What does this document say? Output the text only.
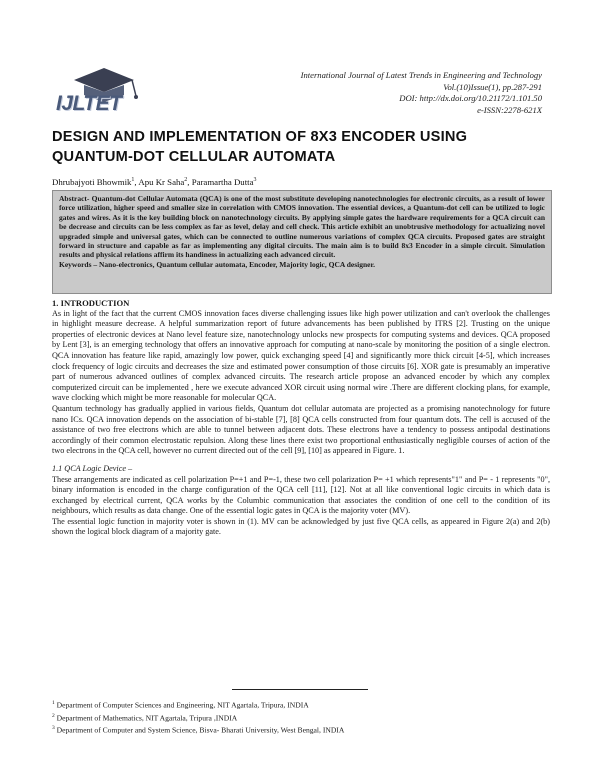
IJLTET
International Journal of Latest Trends in Engineering and Technology
Vol.(10)Issue(1), pp.287-291
DOI: http://dx.doi.org/10.21172/1.101.50
e-ISSN:2278-621X
DESIGN AND IMPLEMENTATION OF 8X3 ENCODER USING
QUANTUM-DOT CELLULAR AUTOMATA
Dhrubajyoti Bhowmik$^1$, Apu Kr Saha$^2$, Paramartha Dutta$^3$

Abstract- Quantum-dot Cellular Automata (QCA) is one of the most substitute developing nanotechnologies for electronic circuits, as a result of lower force utilization, higher speed and smaller size in correlation with CMOS innovation. The essential devices, a Quantum-dot cell can be utilized to logic gates and wires. As it is the key building block on nanotechnology circuits. By applying simple gates the hardware requirements for a QCA circuit can be decrease and circuits can be less complex as far as level, delay and cell check. This article exhibit an unobtrusive methodology for actualizing novel upgraded simple and universal gates, which can be connected to outline numerous variations of complex QCA circuits. Proposed gates are straight forward in structure and capable as far as implementing any digital circuits. The main aim is to build 8x3 Encoder in a simple circuit. Simulation results and physical relations affirm its handiness in actualizing each advanced circuit.

Keywords – Nano-electronics, Quantum cellular automata, Encoder, Majority logic, QCA designer.

1. INTRODUCTION

As in light of the fact that the current CMOS innovation faces diverse challenging issues like high power utilization and can't overlook the challenges in highlight measure decrease. A helpful summarization report of future advancements has been published by ITRS [2]. Trusting on the unique properties of electronic devices at Nano level feature size, nanotechnology unlocks new prospects for computing systems and devices. QCA proposed by Lent [3], is an emerging technology that offers an innovative approach for computing at nano-scale by monitoring the position of a single electron. QCA innovation has feature like rapid, amazingly low power, quick exchanging speed [4] and significantly more thick circuit [4-5], which increases clock frequency of logic circuits and decreases the size and estimated power consumption of those circuits [6]. XOR gate is presumably an imperative part of numerous advanced outlines of complex advanced circuits. The research article propose an advanced encoder by which any complex computerized circuit can be implemented , here we execute advanced XOR circuit using normal wire .There are different clocking plans, for example, wave clocking which might be more reasonable for molecular QCA.

Quantum technology has gradually applied in various fields, Quantum dot cellular automata are projected as a promising nanotechnology for future nano ICs. QCA innovation depends on the association of bi-stable [7], [8] QCA cells constructed from four quantum dots. The cell is accused of the assistance of two free electrons which are able to tunnel between adjacent dots. These electrons have a tendency to possess antipodal destinations accordingly of their common electrostatic repulsion. Along these lines there exist two proportional enthusiastically negligible courses of action of the two electrons in the QCA cell, however no current directed out of the cell [9], [10] as appeared in Figure. 1.

1.1 QCA Logic Device –

These arrangements are indicated as cell polarization P=+1 and P=-1, these two cell polarization P= +1 which represents"1" and P= - 1 represents "0", binary information is encoded in the charge configuration of the QCA cell [11], [12]. Not at all like conventional logic circuits in which data is exchanged by electrical current, QCA works by the Columbic communication that associates the condition of one cell to the condition of its neighbours, which results as data change. One of the essential logic gates in QCA is the majority voter (MV).

The essential logic function in majority voter is shown in (1). MV can be acknowledged by just five QCA cells, as appeared in Figure 2(a) and 2(b) shown the logical block diagram of a majority gate.

$^1$ Department of Computer Sciences and Engineering, NIT Agartala, Tripura, INDIA
$^2$ Department of Mathematics, NIT Agartala, Tripura ,INDIA
$^3$ Department of Computer and System Science, Bisva- Bharati University, West Bengal, INDIA
